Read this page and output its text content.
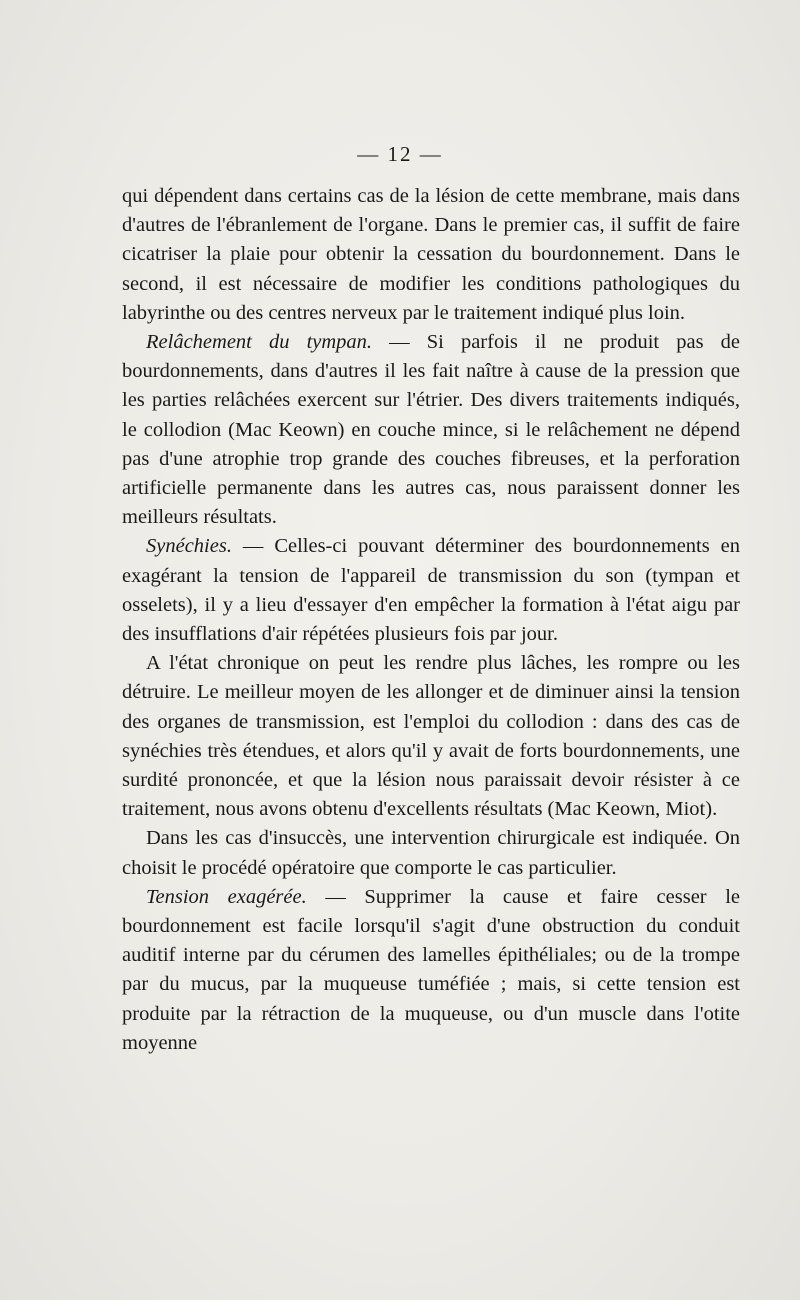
— 12 —

qui dépendent dans certains cas de la lésion de cette membrane, mais dans d'autres de l'ébranlement de l'organe. Dans le premier cas, il suffit de faire cicatriser la plaie pour obtenir la cessation du bourdonnement. Dans le second, il est nécessaire de modifier les conditions pathologiques du labyrinthe ou des centres nerveux par le traitement indiqué plus loin.

Relâchement du tympan. — Si parfois il ne produit pas de bourdonnements, dans d'autres il les fait naître à cause de la pression que les parties relâchées exercent sur l'étrier. Des divers traitements indiqués, le collodion (Mac Keown) en couche mince, si le relâchement ne dépend pas d'une atrophie trop grande des couches fibreuses, et la perforation artificielle permanente dans les autres cas, nous paraissent donner les meilleurs résultats.

Synéchies. — Celles-ci pouvant déterminer des bourdonnements en exagérant la tension de l'appareil de transmission du son (tympan et osselets), il y a lieu d'essayer d'en empêcher la formation à l'état aigu par des insufflations d'air répétées plusieurs fois par jour.

A l'état chronique on peut les rendre plus lâches, les rompre ou les détruire. Le meilleur moyen de les allonger et de diminuer ainsi la tension des organes de transmission, est l'emploi du collodion : dans des cas de synéchies très étendues, et alors qu'il y avait de forts bourdonnements, une surdité prononcée, et que la lésion nous paraissait devoir résister à ce traitement, nous avons obtenu d'excellents résultats (Mac Keown, Miot).

Dans les cas d'insuccès, une intervention chirurgicale est indiquée. On choisit le procédé opératoire que comporte le cas particulier.

Tension exagérée. — Supprimer la cause et faire cesser le bourdonnement est facile lorsqu'il s'agit d'une obstruction du conduit auditif interne par du cérumen des lamelles épithéliales; ou de la trompe par du mucus, par la muqueuse tuméfiée ; mais, si cette tension est produite par la rétraction de la muqueuse, ou d'un muscle dans l'otite moyenne
